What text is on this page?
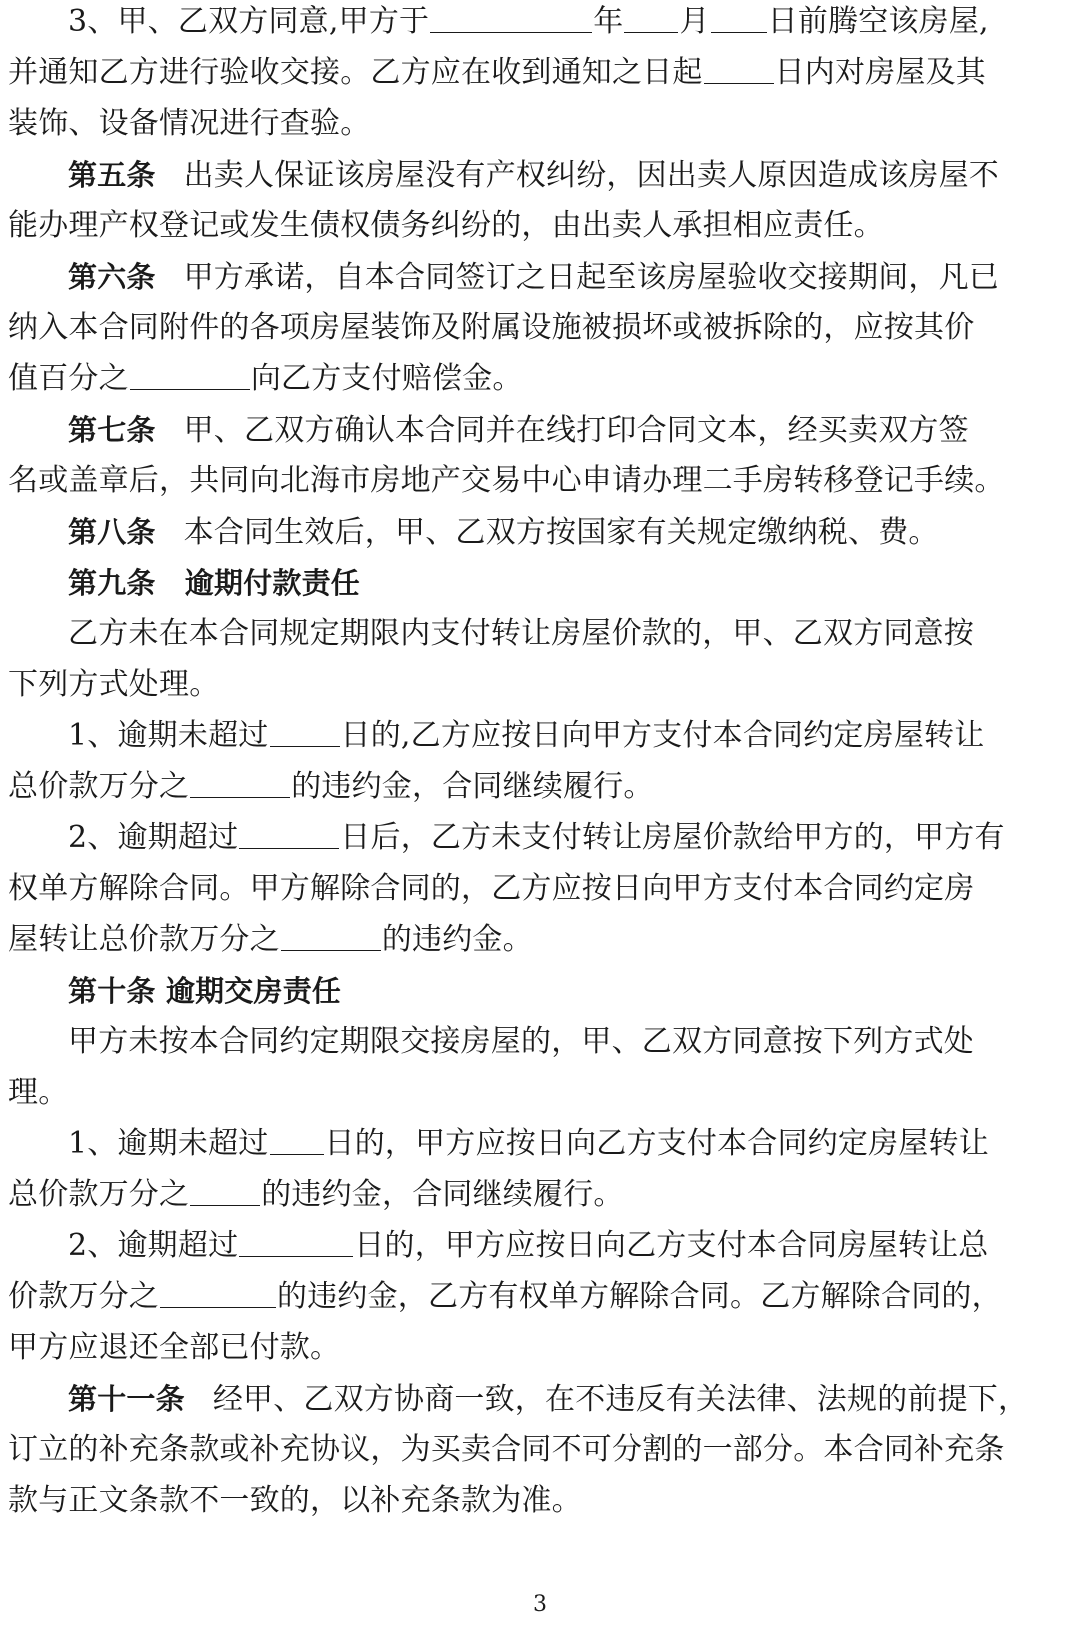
3、甲、乙双方同意,甲方于	年 月 日前腾空该房屋,
并通知乙方进行验收交接。乙方应在收到通知之日起 日内对房屋及其
装饰、设备情况进行查验。
第五条 出卖人保证该房屋没有产权纠纷，因出卖人原因造成该房屋不
能办理产权登记或发生债权债务纠纷的，由出卖人承担相应责任。
第六条 甲方承诺，自本合同签订之日起至该房屋验收交接期间，凡已
纳入本合同附件的各项房屋装饰及附属设施被损坏或被拆除的，应按其价
值百分之	向乙方支付赔偿金。
第七条 甲、乙双方确认本合同并在线打印合同文本，经买卖双方签
名或盖章后，共同向北海市房地产交易中心申请办理二手房转移登记手续。
第八条 本合同生效后，甲、乙双方按国家有关规定缴纳税、费。
第九条　逾期付款责任
乙方未在本合同规定期限内支付转让房屋价款的，甲、乙双方同意按
下列方式处理。
1、逾期未超过 日的,乙方应按日向甲方支付本合同约定房屋转让
总价款万分之	的违约金，合同继续履行。
2、逾期超过	日后，乙方未支付转让房屋价款给甲方的，甲方有
权单方解除合同。甲方解除合同的，乙方应按日向甲方支付本合同约定房
屋转让总价款万分之	的违约金。
第十条 逾期交房责任
甲方未按本合同约定期限交接房屋的，甲、乙双方同意按下列方式处
理。
1、逾期未超过 日的，甲方应按日向乙方支付本合同约定房屋转让
总价款万分之 的违约金，合同继续履行。
2、逾期超过	日的，甲方应按日向乙方支付本合同房屋转让总
价款万分之	的违约金，乙方有权单方解除合同。乙方解除合同的，
甲方应退还全部已付款。
第十一条 经甲、乙双方协商一致，在不违反有关法律、法规的前提下，
订立的补充条款或补充协议，为买卖合同不可分割的一部分。本合同补充条
款与正文条款不一致的，以补充条款为准。
3
